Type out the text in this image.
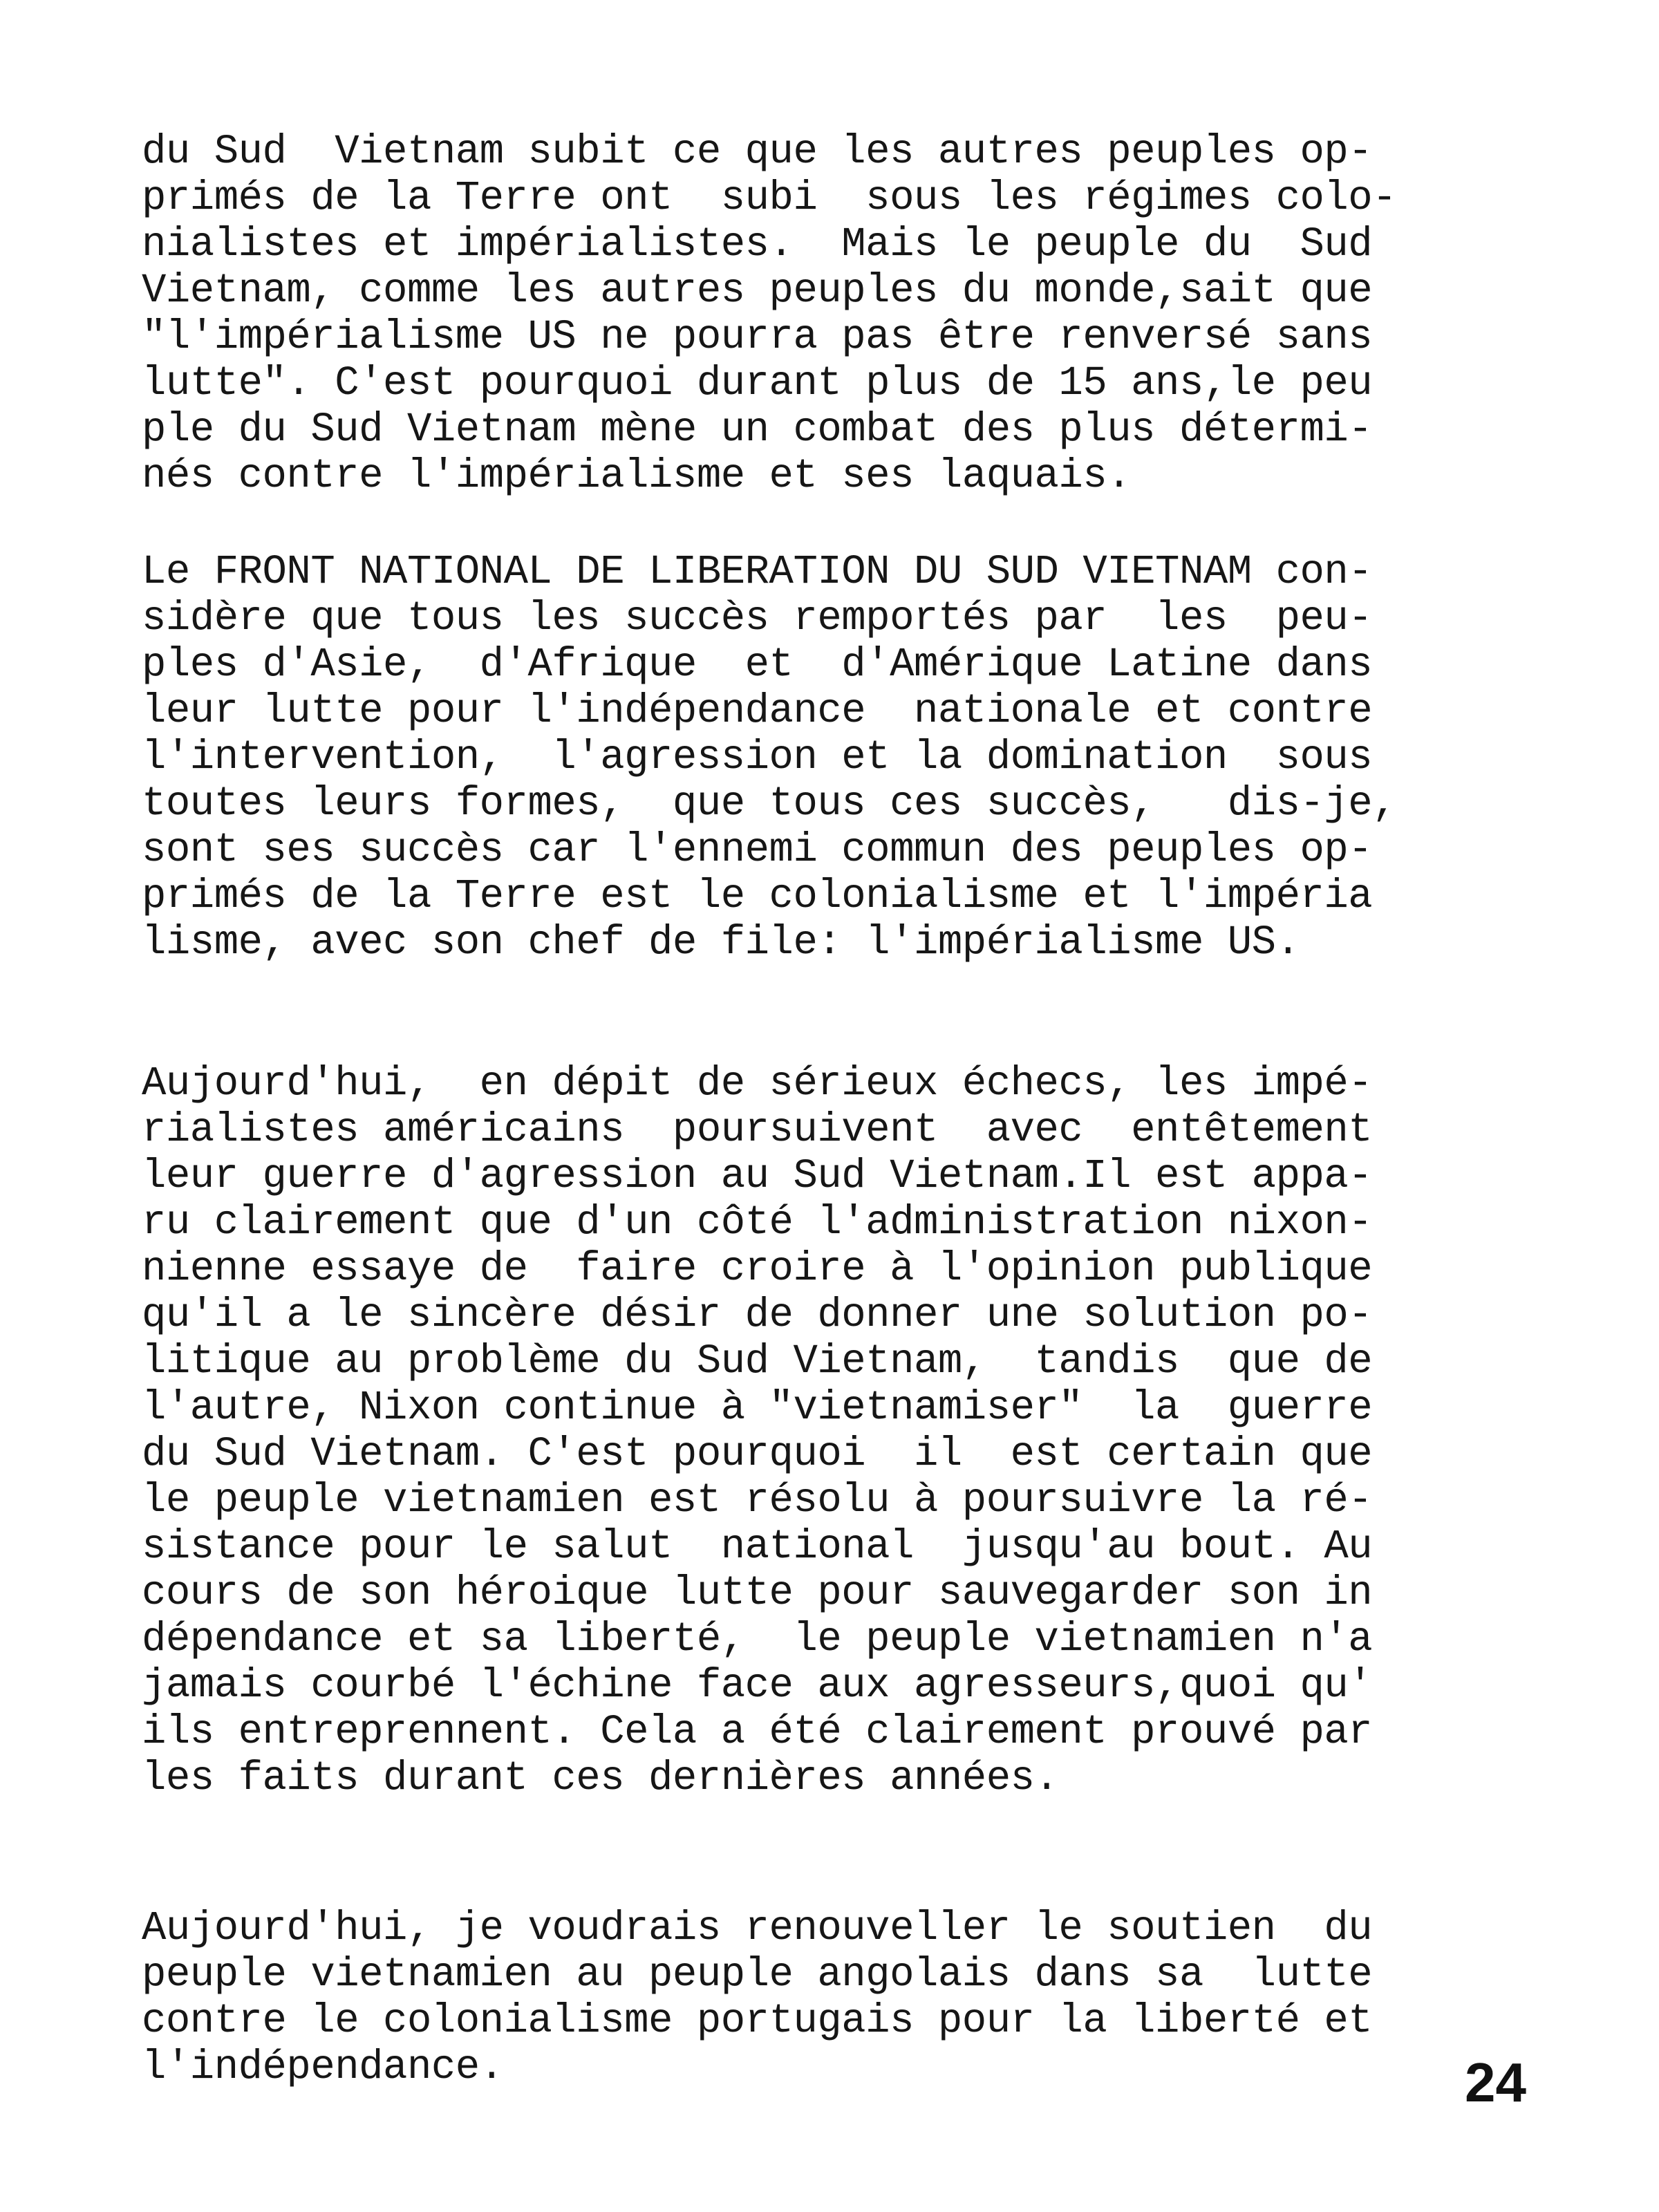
du Sud  Vietnam subit ce que les autres peuples op-
primés de la Terre ont  subi  sous les régimes colo-
nialistes et impérialistes.  Mais le peuple du  Sud
Vietnam, comme les autres peuples du monde,sait que
"l'impérialisme US ne pourra pas être renversé sans
lutte". C'est pourquoi durant plus de 15 ans,le peu
ple du Sud Vietnam mène un combat des plus détermi-
nés contre l'impérialisme et ses laquais.
Le FRONT NATIONAL DE LIBERATION DU SUD VIETNAM con-
sidère que tous les succès remportés par  les  peu-
ples d'Asie,  d'Afrique  et  d'Amérique Latine dans
leur lutte pour l'indépendance  nationale et contre
l'intervention,  l'agression et la domination  sous
toutes leurs formes,  que tous ces succès,   dis-je,
sont ses succès car l'ennemi commun des peuples op-
primés de la Terre est le colonialisme et l'impéria
lisme, avec son chef de file: l'impérialisme US.
Aujourd'hui,  en dépit de sérieux échecs, les impé-
rialistes américains  poursuivent  avec  entêtement
leur guerre d'agression au Sud Vietnam.Il est appa-
ru clairement que d'un côté l'administration nixon-
nienne essaye de  faire croire à l'opinion publique
qu'il a le sincère désir de donner une solution po-
litique au problème du Sud Vietnam,  tandis  que de
l'autre, Nixon continue à "vietnamiser"  la  guerre
du Sud Vietnam. C'est pourquoi  il  est certain que
le peuple vietnamien est résolu à poursuivre la ré-
sistance pour le salut  national  jusqu'au bout. Au
cours de son héroique lutte pour sauvegarder son in
dépendance et sa liberté,  le peuple vietnamien n'a
jamais courbé l'échine face aux agresseurs,quoi qu'
ils entreprennent. Cela a été clairement prouvé par
les faits durant ces dernières années.
Aujourd'hui, je voudrais renouveller le soutien  du
peuple vietnamien au peuple angolais dans sa  lutte
contre le colonialisme portugais pour la liberté et
l'indépendance.	24
